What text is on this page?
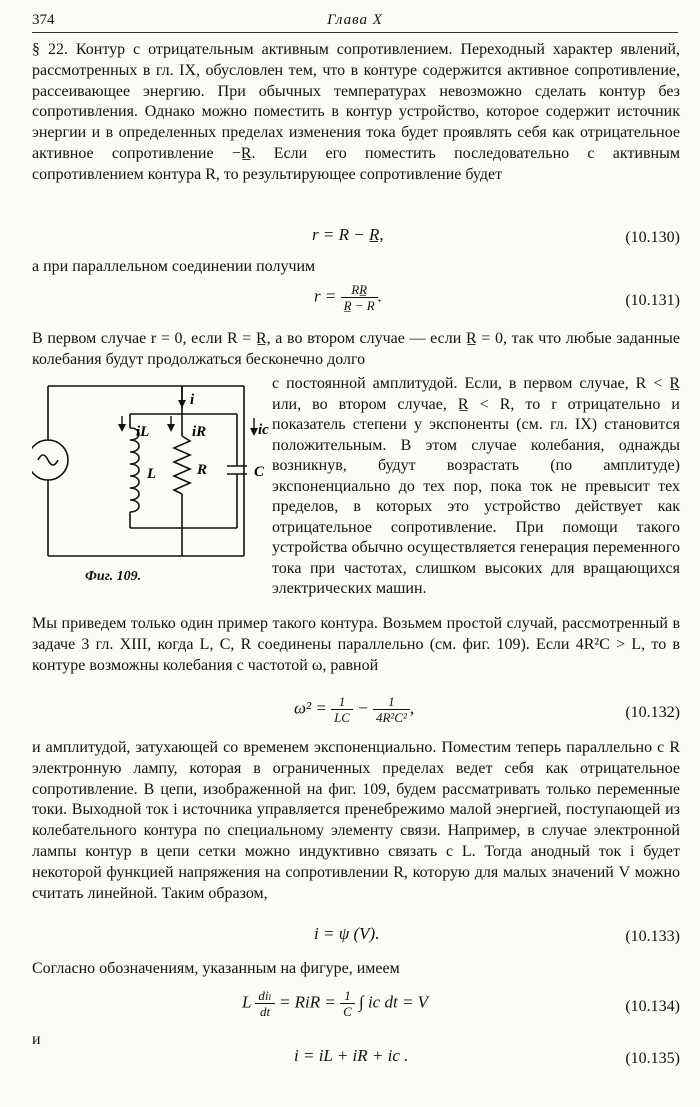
374	Глава X

§ 22. Контур с отрицательным активным сопротивлением. Переходный характер явлений, рассмотренных в гл. IX, обусловлен тем, что в контуре содержится активное сопротивление, рассеивающее энергию. При обычных температурах невозможно сделать контур без сопротивления. Однако можно поместить в контур устройство, которое содержит источник энергии и в определенных пределах изменения тока будет проявлять себя как отрицательное активное сопротивление −R̲. Если его поместить последовательно с активным сопротивлением контура R, то результирующее сопротивление будет

r = R − R̲,	(10.130)

а при параллельном соединении получим

$r = \frac{RR̲}{R̲ - R}$ .	(10.131)

В первом случае r = 0, если R = R̲, а во втором случае — если R̲ = 0, так что любые заданные колебания будут продолжаться бесконечно долго

i
iL	iR	ic
L	R	C
Фиг. 109.

с постоянной амплитудой. Если, в первом случае, R < R̲ или, во втором случае, R̲ < R, то r отрицательно и показатель степени у экспоненты (см. гл. IX) становится положительным. В этом случае колебания, однажды возникнув, будут возрастать (по амплитуде) экспоненциально до тех пор, пока ток не превысит тех пределов, в которых это устройство действует как отрицательное сопротивление. При помощи такого устройства обычно осуществляется генерация переменного тока при частотах, слишком высоких для вращающихся электрических машин.

Мы приведем только один пример такого контура. Возьмем простой случай, рассмотренный в задаче 3 гл. XIII, когда L, C, R соединены параллельно (см. фиг. 109). Если 4R²C > L, то в контуре возможны колебания с частотой ω, равной

$\omega^2 = \frac{1}{LC} - \frac{1}{\text{4R²C²}}$ ,	(10.132)

и амплитудой, затухающей со временем экспоненциально. Поместим теперь параллельно с R электронную лампу, которая в ограниченных пределах ведет себя как отрицательное сопротивление. В цепи, изображенной на фиг. 109, будем рассматривать только переменные токи. Выходной ток i источника управляется пренебрежимо малой энергией, поступающей из колебательного контура по специальному элементу связи. Например, в случае электронной лампы контур в цепи сетки можно индуктивно связать с L. Тогда анодный ток i будет некоторой функцией напряжения на сопротивлении R, которую для малых значений V можно считать линейной. Таким образом,

i = ψ (V).	(10.133)

Согласно обозначениям, указанным на фигуре, имеем

L $\frac{\text{diₗ}}{dt}$ = RiR = $\frac{1}{C}$ ∫ ic dt = V	(10.134)

и

i = iL + iR + ic .	(10.135)
